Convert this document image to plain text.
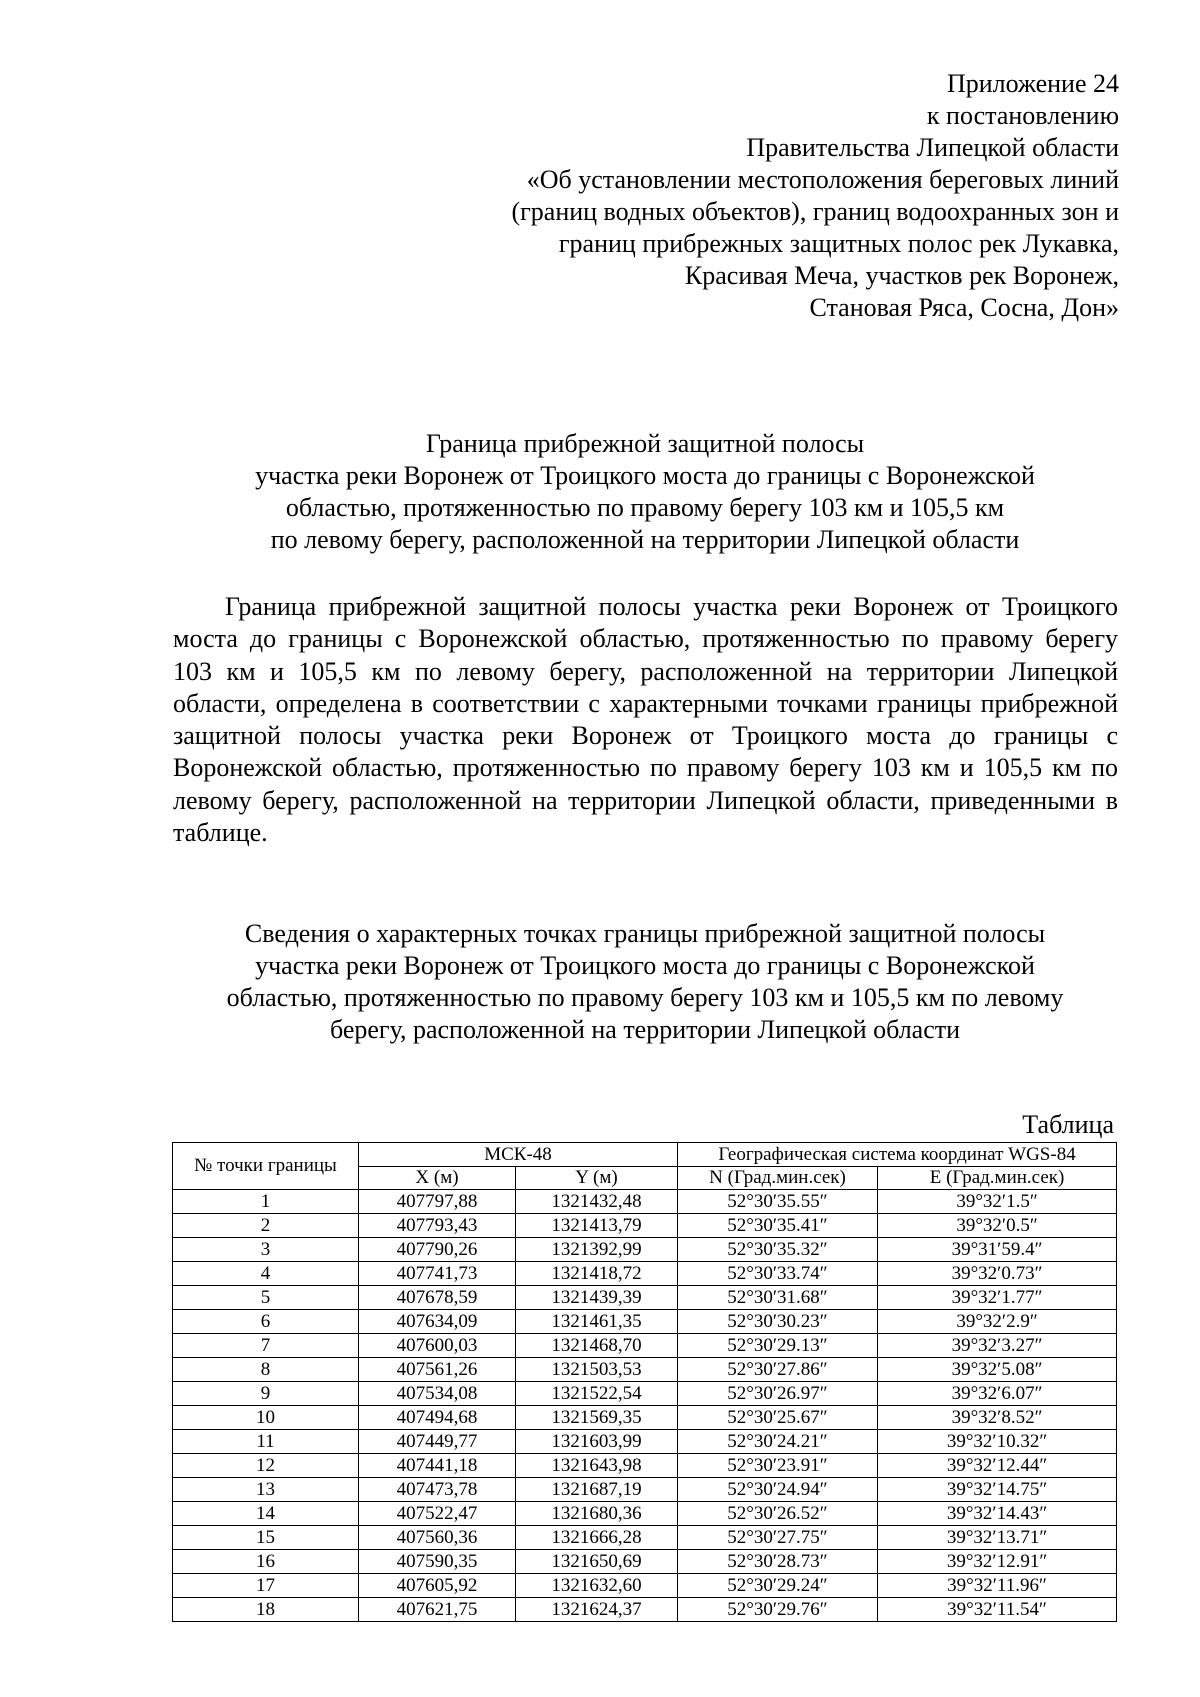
Приложение 24
к постановлению
Правительства Липецкой области
«Об установлении местоположения береговых линий
(границ водных объектов), границ водоохранных зон и
границ прибрежных защитных полос рек Лукавка,
Красивая Меча, участков рек Воронеж,
Становая Ряса, Сосна, Дон»
Граница прибрежной защитной полосы
участка реки Воронеж от Троицкого моста до границы с Воронежской
областью, протяженностью по правому берегу 103 км и 105,5 км
по левому берегу, расположенной на территории Липецкой области

Граница прибрежной защитной полосы участка реки Воронеж от Троицкого моста до границы с Воронежской областью, протяженностью по правому берегу 103 км и 105,5 км по левому берегу, расположенной на территории Липецкой области, определена в соответствии с характерными точками границы прибрежной защитной полосы участка реки Воронеж от Троицкого моста до границы с Воронежской областью, протяженностью по правому берегу 103 км и 105,5 км по левому берегу, расположенной на территории Липецкой области, приведенными в таблице.

Сведения о характерных точках границы прибрежной защитной полосы
участка реки Воронеж от Троицкого моста до границы с Воронежской
областью, протяженностью по правому берегу 103 км и 105,5 км по левому
берегу, расположенной на территории Липецкой области
Таблица
№ точки границы	МСК-48		Географическая система координат WGS-84	
	X (м)	Y (м)	N (Град.мин.сек)	E (Град.мин.сек)
1	407797,88	1321432,48	52°30′35.55″	39°32′1.5″
2	407793,43	1321413,79	52°30′35.41″	39°32′0.5″
3	407790,26	1321392,99	52°30′35.32″	39°31′59.4″
4	407741,73	1321418,72	52°30′33.74″	39°32′0.73″
5	407678,59	1321439,39	52°30′31.68″	39°32′1.77″
6	407634,09	1321461,35	52°30′30.23″	39°32′2.9″
7	407600,03	1321468,70	52°30′29.13″	39°32′3.27″
8	407561,26	1321503,53	52°30′27.86″	39°32′5.08″
9	407534,08	1321522,54	52°30′26.97″	39°32′6.07″
10	407494,68	1321569,35	52°30′25.67″	39°32′8.52″
11	407449,77	1321603,99	52°30′24.21″	39°32′10.32″
12	407441,18	1321643,98	52°30′23.91″	39°32′12.44″
13	407473,78	1321687,19	52°30′24.94″	39°32′14.75″
14	407522,47	1321680,36	52°30′26.52″	39°32′14.43″
15	407560,36	1321666,28	52°30′27.75″	39°32′13.71″
16	407590,35	1321650,69	52°30′28.73″	39°32′12.91″
17	407605,92	1321632,60	52°30′29.24″	39°32′11.96″
18	407621,75	1321624,37	52°30′29.76″	39°32′11.54″
